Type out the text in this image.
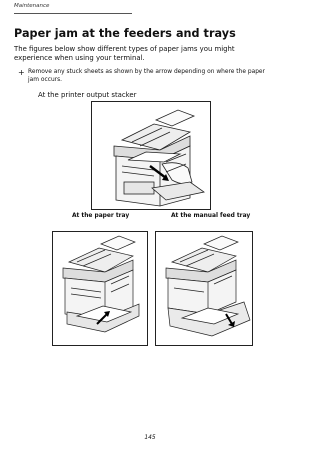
Maintenance
Paper jam at the feeders and trays
The figures below show different types of paper jams you might experience when using your terminal.
+ Remove any stuck sheets as shown by the arrow depending on where the paper jam occurs.
At the printer output stacker
At the paper tray	At the manual feed tray
145
